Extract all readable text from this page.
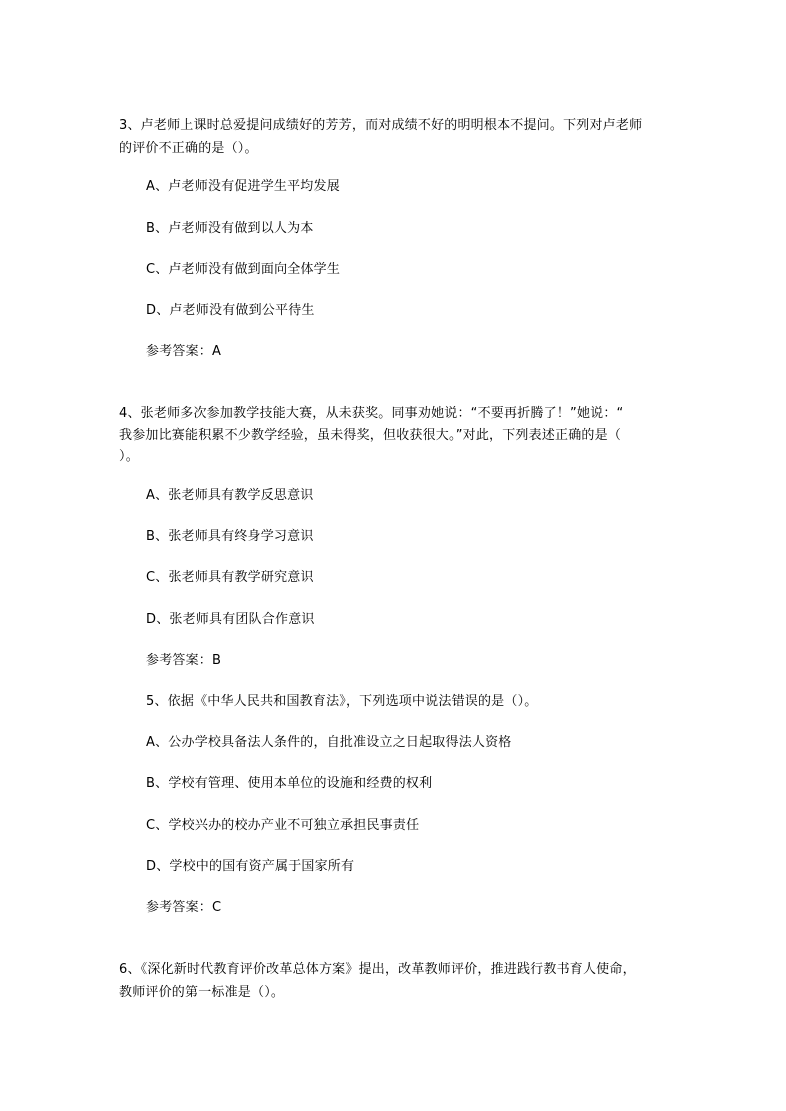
3、卢老师上课时总爱提问成绩好的芳芳，而对成绩不好的明明根本不提问。下列对卢老师
的评价不正确的是（）。
A、卢老师没有促进学生平均发展
B、卢老师没有做到以人为本
C、卢老师没有做到面向全体学生
D、卢老师没有做到公平待生
参考答案：A
4、张老师多次参加教学技能大赛，从未获奖。同事劝她说：“不要再折腾了！”她说：“
我参加比赛能积累不少教学经验，虽未得奖，但收获很大。”对此，下列表述正确的是（
）。
A、张老师具有教学反思意识
B、张老师具有终身学习意识
C、张老师具有教学研究意识
D、张老师具有团队合作意识
参考答案：B
5、依据《中华人民共和国教育法》，下列选项中说法错误的是（）。
A、公办学校具备法人条件的，自批准设立之日起取得法人资格
B、学校有管理、使用本单位的设施和经费的权利
C、学校兴办的校办产业不可独立承担民事责任
D、学校中的国有资产属于国家所有
参考答案：C
6、《深化新时代教育评价改革总体方案》提出，改革教师评价，推进践行教书育人使命，
教师评价的第一标准是（）。
